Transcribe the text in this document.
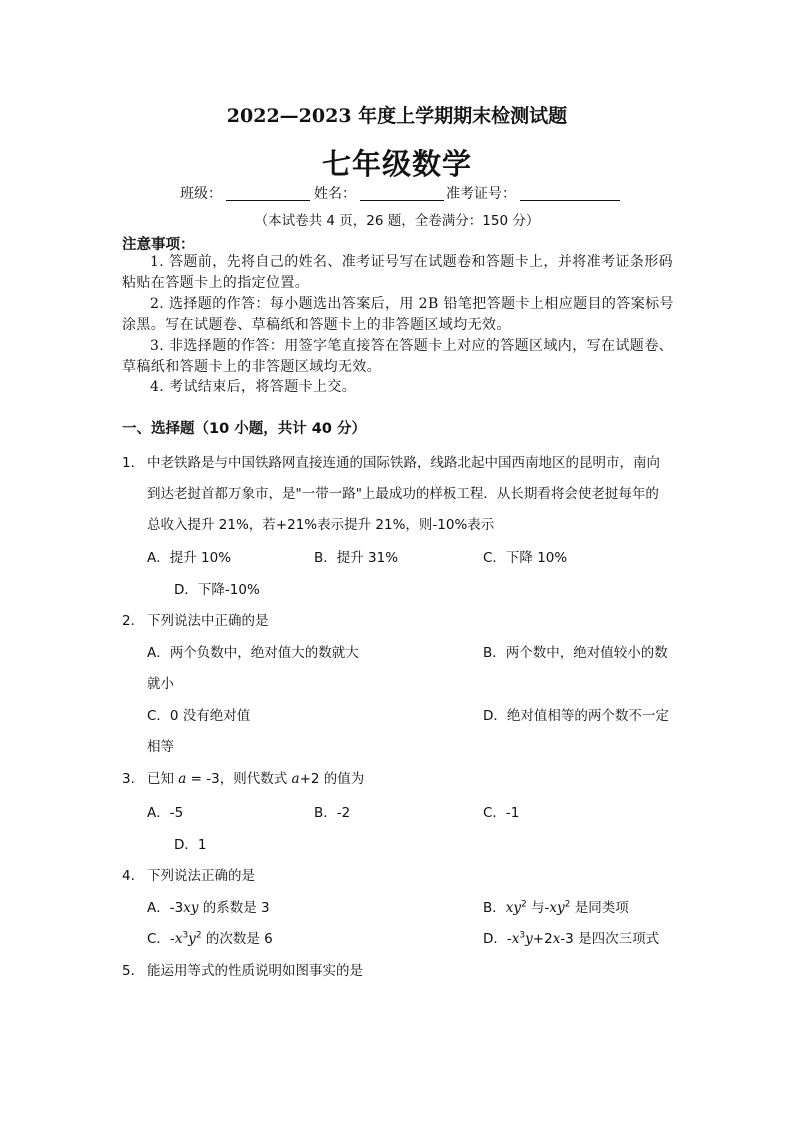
2022—2023 年度上学期期末检测试题
七年级数学
班级：	姓名：	准考证号：
（本试卷共 4 页，26 题，全卷满分：150 分）
注意事项：
1. 答题前，先将自己的姓名、准考证号写在试题卷和答题卡上，并将准考证条形码粘贴在答题卡上的指定位置。
2. 选择题的作答：每小题选出答案后，用 2B 铅笔把答题卡上相应题目的答案标号涂黑。写在试题卷、草稿纸和答题卡上的非答题区域均无效。
3. 非选择题的作答：用签字笔直接答在答题卡上对应的答题区域内，写在试题卷、草稿纸和答题卡上的非答题区域均无效。
4. 考试结束后，将答题卡上交。
一、选择题（10 小题，共计 40 分）
1． 中老铁路是与中国铁路网直接连通的国际铁路，线路北起中国西南地区的昆明市，南向
到达老挝首都万象市，是"一带一路"上最成功的样板工程．从长期看将会使老挝每年的
总收入提升 21%，若+21%表示提升 21%，则-10%表示
A．提升 10%	B．提升 31%	C．下降 10%
D．下降-10%
2． 下列说法中正确的是
A．两个负数中，绝对值大的数就大	B．两个数中，绝对值较小的数
就小
C．0 没有绝对值	D．绝对值相等的两个数不一定
相等
3． 已知 a = -3，则代数式 a+2 的值为
A．-5	B．-2	C．-1
D．1
4． 下列说法正确的是
A．-3xy 的系数是 3	B．$xy^2$ 与$-xy^2$ 是同类项
C．$-x^3y^2$ 的次数是 6	D．$-x^3y+2x-3$ 是四次三项式
5． 能运用等式的性质说明如图事实的是
